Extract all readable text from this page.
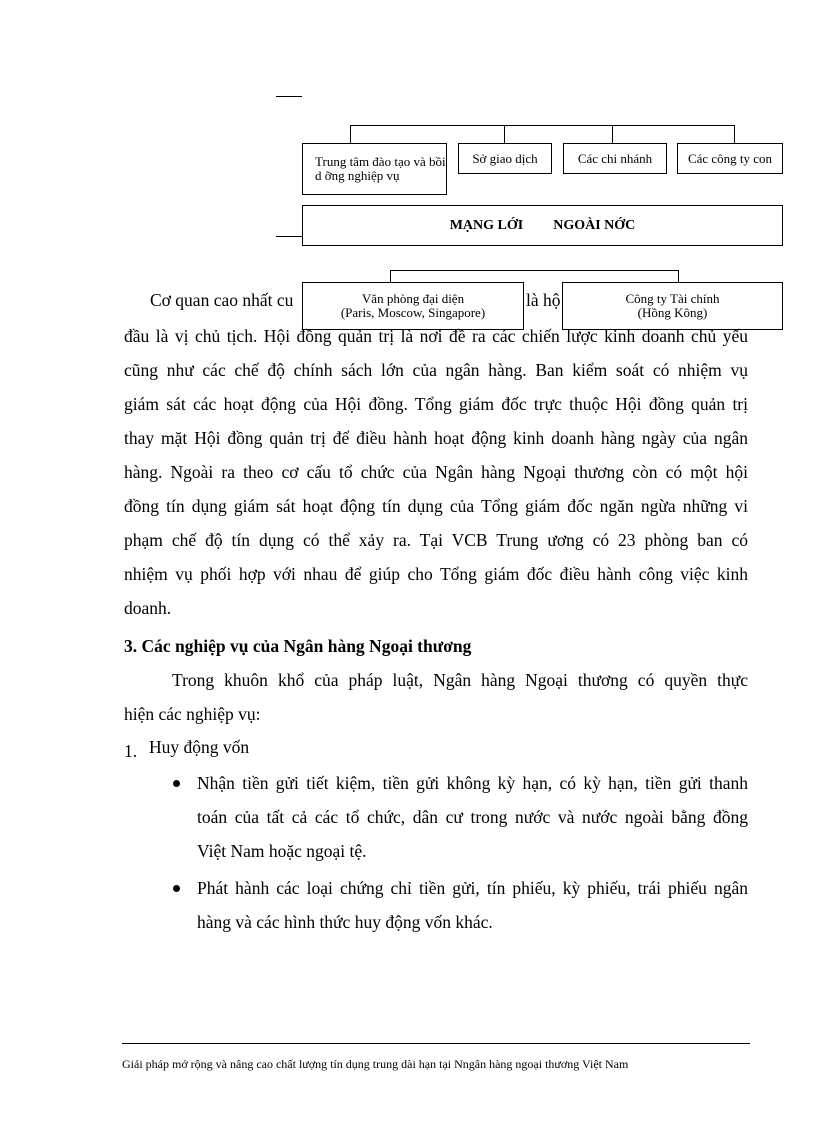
Trung tâm đào tạo và bồi d ỡng nghiệp vụ
Sở giao dịch	Các chi nhánh	Các công ty con
MẠNG LỚI NGOÀI NỚC
Văn phòng đại diện
(Paris, Moscow, Singapore)
Công ty Tài chính
(Hồng Kông)
Cơ quan cao nhất cu	là hộ
đầu là vị chủ tịch. Hội đồng quản trị là nơi đề ra các chiến lược kinh doanh chủ yếu
cũng như các chế độ chính sách lớn của ngân hàng. Ban kiểm soát có nhiệm vụ
giám sát các hoạt động của Hội đồng. Tổng giám đốc trực thuộc Hội đồng quản trị
thay mặt Hội đồng quản trị để điều hành hoạt động kinh doanh hàng ngày của ngân
hàng. Ngoài ra theo cơ cấu tổ chức của Ngân hàng Ngoại thương còn có một hội
đồng tín dụng giám sát hoạt động tín dụng của Tổng giám đốc ngăn ngừa những vi
phạm chế độ tín dụng có thể xảy ra. Tại VCB Trung ương có 23 phòng ban có
nhiệm vụ phối hợp với nhau để giúp cho Tổng giám đốc điều hành công việc kinh
doanh.
3. Các nghiệp vụ của Ngân hàng Ngoại thương
Trong khuôn khổ của pháp luật, Ngân hàng Ngoại thương có quyền thực
hiện các nghiệp vụ:
1. Huy động vốn
Nhận tiền gửi tiết kiệm, tiền gửi không kỳ hạn, có kỳ hạn, tiền gửi thanh
toán của tất cả các tổ chức, dân cư trong nước và nước ngoài bằng đồng
Việt Nam hoặc ngoại tệ.
Phát hành các loại chứng chỉ tiền gửi, tín phiếu, kỳ phiếu, trái phiếu ngân
hàng và các hình thức huy động vốn khác.
Giải pháp mở rộng và nâng cao chất lượng tín dụng trung dài hạn tại Nngân hàng ngoại thương Việt Nam
